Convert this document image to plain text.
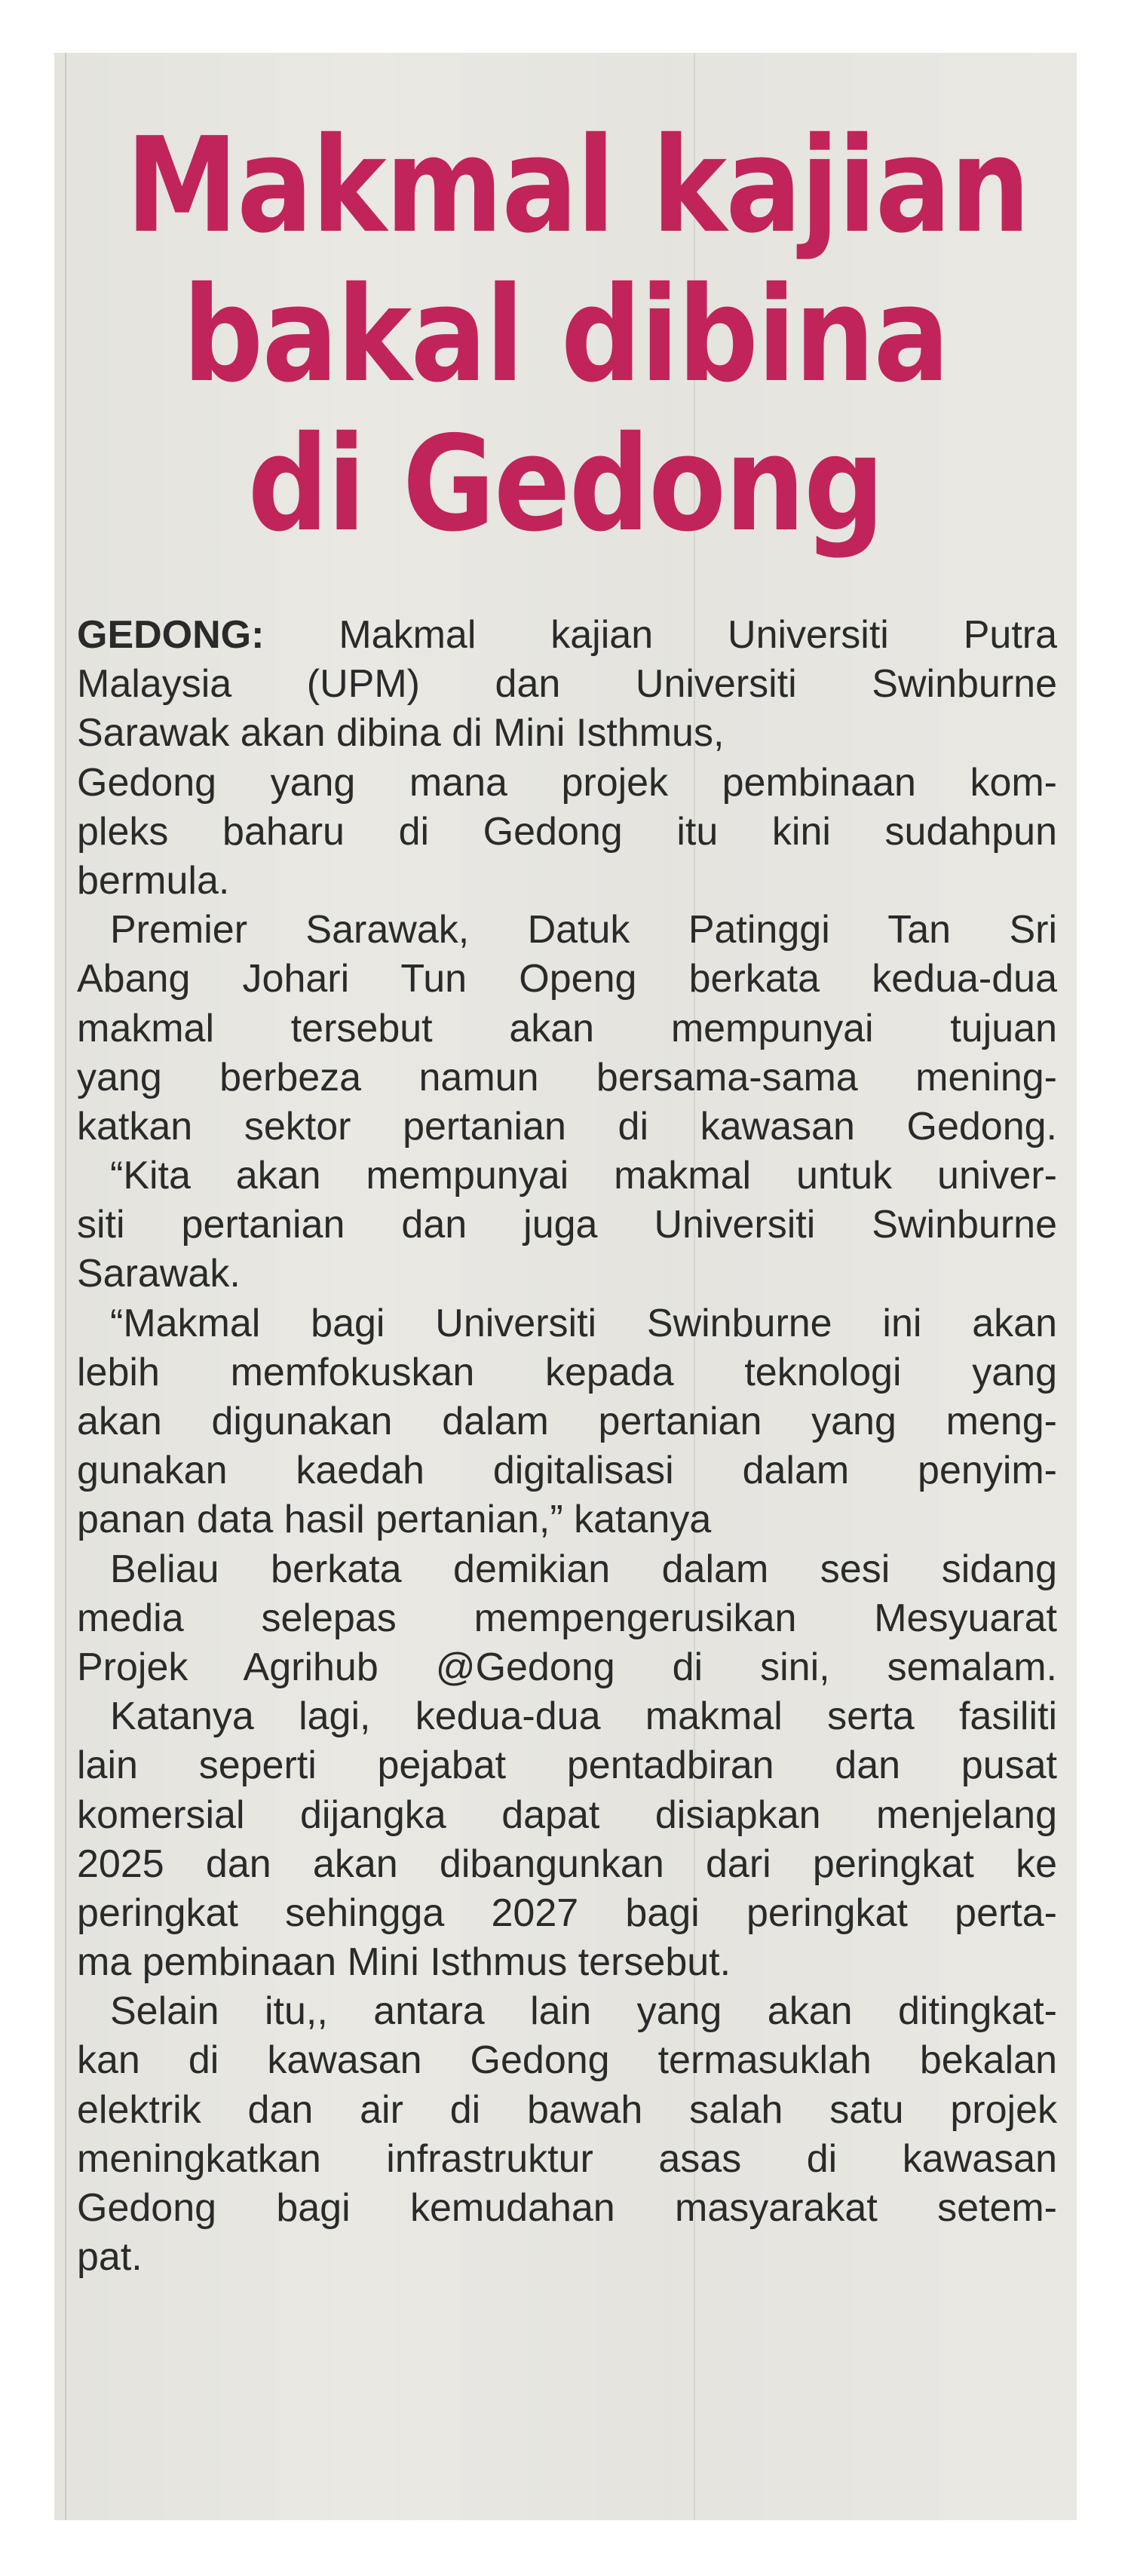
Makmal kajian
bakal dibina
di Gedong
GEDONG: Makmal kajian Universiti Putra
Malaysia (UPM) dan Universiti Swinburne
Sarawak akan dibina di Mini Isthmus,
Gedong yang mana projek pembinaan kom-
pleks baharu di Gedong itu kini sudahpun
bermula.
Premier Sarawak, Datuk Patinggi Tan Sri
Abang Johari Tun Openg berkata kedua-dua
makmal tersebut akan mempunyai tujuan
yang berbeza namun bersama-sama mening-
katkan sektor pertanian di kawasan Gedong.
“Kita akan mempunyai makmal untuk univer-
siti pertanian dan juga Universiti Swinburne
Sarawak.
“Makmal bagi Universiti Swinburne ini akan
lebih memfokuskan kepada teknologi yang
akan digunakan dalam pertanian yang meng-
gunakan kaedah digitalisasi dalam penyim-
panan data hasil pertanian,” katanya
Beliau berkata demikian dalam sesi sidang
media selepas mempengerusikan Mesyuarat
Projek Agrihub @Gedong di sini, semalam.
Katanya lagi, kedua-dua makmal serta fasiliti
lain seperti pejabat pentadbiran dan pusat
komersial dijangka dapat disiapkan menjelang
2025 dan akan dibangunkan dari peringkat ke
peringkat sehingga 2027 bagi peringkat perta-
ma pembinaan Mini Isthmus tersebut.
Selain itu,, antara lain yang akan ditingkat-
kan di kawasan Gedong termasuklah bekalan
elektrik dan air di bawah salah satu projek
meningkatkan infrastruktur asas di kawasan
Gedong bagi kemudahan masyarakat setem-
pat.
